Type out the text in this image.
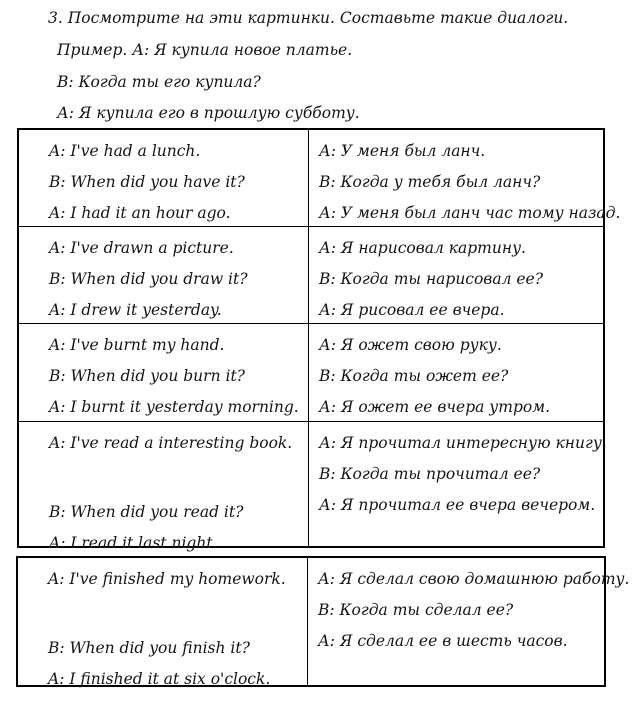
3. Посмотрите на эти картинки. Составьте такие диалоги.
Пример. А: Я купила новое платье.
В: Когда ты его купила?
А: Я купила его в прошлую субботу.
A: I've had a lunch.
B: When did you have it?
A: I had it an hour ago.
А: У меня был ланч.
В: Когда у тебя был ланч?
А: У меня был ланч час тому назад.
A: I've drawn a picture.
B: When did you draw it?
A: I drew it yesterday.
А: Я нарисовал картину.
В: Когда ты нарисовал ее?
А: Я рисовал ее вчера.
A: I've burnt my hand.
B: When did you burn it?
A: I burnt it yesterday morning.
А: Я ожет свою руку.
В: Когда ты ожет ее?
А: Я ожет ее вчера утром.
A: I've read a interesting book.
B: When did you read it?
A: I read it last night.
А: Я прочитал интересную книгу.
В: Когда ты прочитал ее?
А: Я прочитал ее вчера вечером.
A: I've finished my homework.
B: When did you finish it?
A: I finished it at six o'clock.
А: Я сделал свою домашнюю работу.
В: Когда ты сделал ее?
А: Я сделал ее в шесть часов.
